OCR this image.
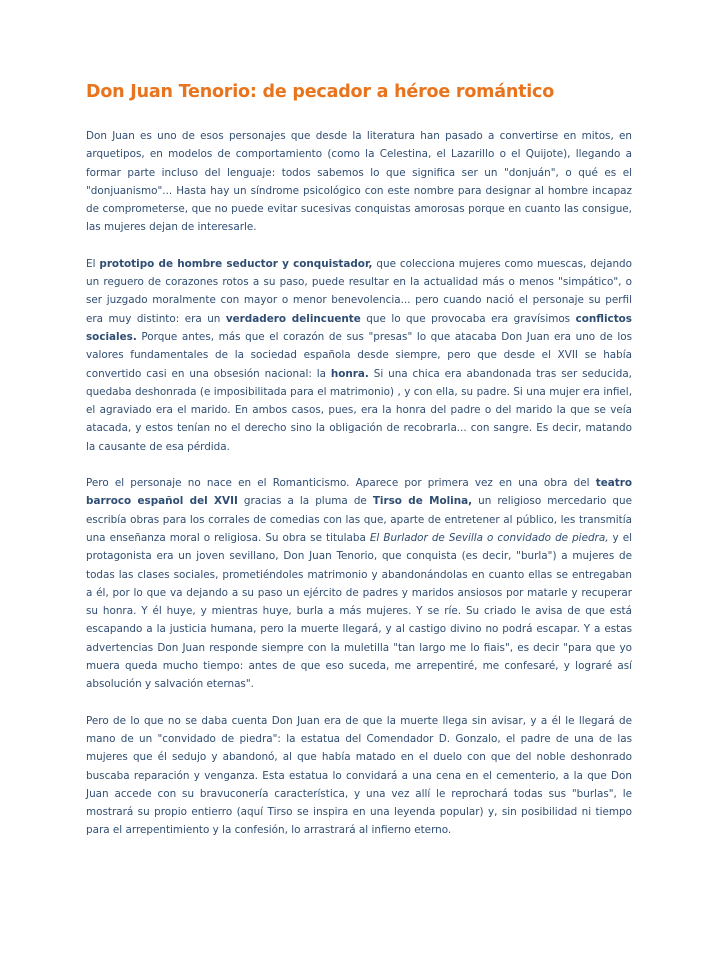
Don Juan Tenorio: de pecador a héroe romántico

Don Juan es uno de esos personajes que desde la literatura han pasado a convertirse en mitos, en arquetipos, en modelos de comportamiento (como la Celestina, el Lazarillo o el Quijote), llegando a formar parte incluso del lenguaje: todos sabemos lo que significa ser un "donjuán", o qué es el "donjuanismo"... Hasta hay un síndrome psicológico con este nombre para designar al hombre incapaz de comprometerse, que no puede evitar sucesivas conquistas amorosas porque en cuanto las consigue, las mujeres dejan de interesarle.

El prototipo de hombre seductor y conquistador, que colecciona mujeres como muescas, dejando un reguero de corazones rotos a su paso, puede resultar en la actualidad más o menos "simpático", o ser juzgado moralmente con mayor o menor benevolencia... pero cuando nació el personaje su perfil era muy distinto: era un verdadero delincuente que lo que provocaba era gravísimos conflictos sociales. Porque antes, más que el corazón de sus "presas" lo que atacaba Don Juan era uno de los valores fundamentales de la sociedad española desde siempre, pero que desde el XVII se había convertido casi en una obsesión nacional: la honra. Si una chica era abandonada tras ser seducida, quedaba deshonrada (e imposibilitada para el matrimonio) , y con ella, su padre. Si una mujer era infiel, el agraviado era el marido. En ambos casos, pues, era la honra del padre o del marido la que se veía atacada, y estos tenían no el derecho sino la obligación de recobrarla... con sangre. Es decir, matando la causante de esa pérdida.

Pero el personaje no nace en el Romanticismo. Aparece por primera vez en una obra del teatro barroco español del XVII gracias a la pluma de Tirso de Molina, un religioso mercedario que escribía obras para los corrales de comedias con las que, aparte de entretener al público, les transmitía una enseñanza moral o religiosa. Su obra se titulaba El Burlador de Sevilla o convidado de piedra, y el protagonista era un joven sevillano, Don Juan Tenorio, que conquista (es decir, "burla") a mujeres de todas las clases sociales, prometiéndoles matrimonio y abandonándolas en cuanto ellas se entregaban a él, por lo que va dejando a su paso un ejército de padres y maridos ansiosos por matarle y recuperar su honra. Y él huye, y mientras huye, burla a más mujeres. Y se ríe. Su criado le avisa de que está escapando a la justicia humana, pero la muerte llegará, y al castigo divino no podrá escapar. Y a estas advertencias Don Juan responde siempre con la muletilla "tan largo me lo fiais", es decir "para que yo muera queda mucho tiempo: antes de que eso suceda, me arrepentiré, me confesaré, y lograré así absolución y salvación eternas".

Pero de lo que no se daba cuenta Don Juan era de que la muerte llega sin avisar, y a él le llegará de mano de un "convidado de piedra": la estatua del Comendador D. Gonzalo, el padre de una de las mujeres que él sedujo y abandonó, al que había matado en el duelo con que del noble deshonrado buscaba reparación y venganza. Esta estatua lo convidará a una cena en el cementerio, a la que Don Juan accede con su bravuconería característica, y una vez allí le reprochará todas sus "burlas", le mostrará su propio entierro (aquí Tirso se inspira en una leyenda popular) y, sin posibilidad ni tiempo para el arrepentimiento y la confesión, lo arrastrará al infierno eterno.
